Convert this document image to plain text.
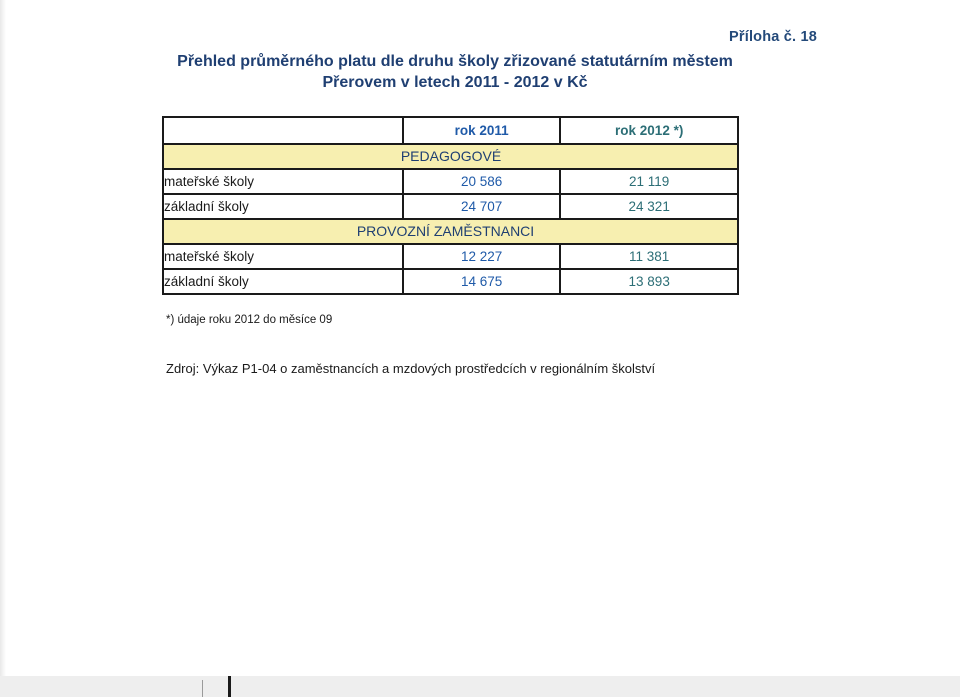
Příloha č. 18
Přehled průměrného platu dle druhu školy zřizované statutárním městem
Přerovem v letech 2011 - 2012 v Kč
	rok 2011	rok 2012 *)

	PEDAGOGOVÉ	

mateřské školy	20 586	21 119
základní školy	24 707	24 321

	PROVOZNÍ ZAMĚSTNANCI	

mateřské školy	12 227	11 381
základní školy	14 675	13 893
*) údaje roku 2012 do měsíce 09
Zdroj: Výkaz P1-04 o zaměstnancích a mzdových prostředcích v regionálním školství
